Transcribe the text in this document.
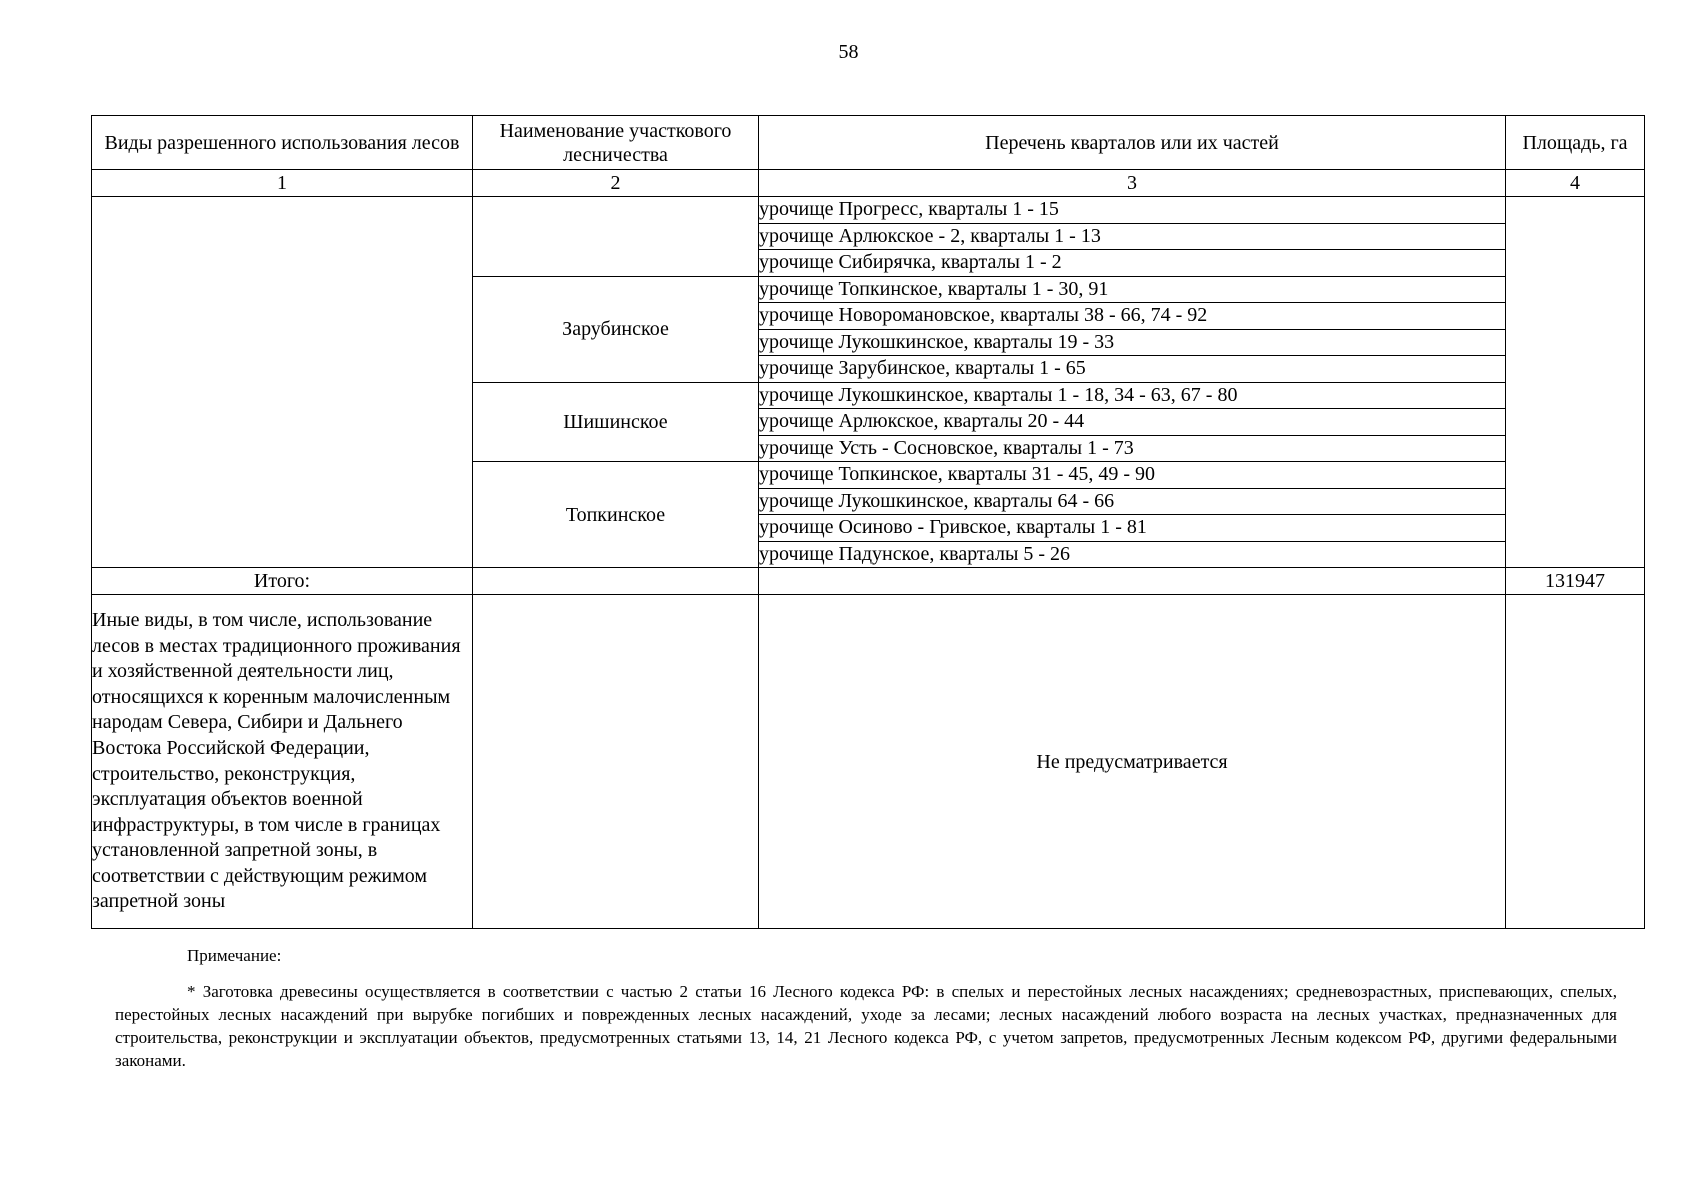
58
Виды разрешенного использования лесов	Наименование участкового лесничества	Перечень кварталов или их частей	Площадь, га
1	2	3	4
		урочище Прогресс, кварталы 1 - 15	
		урочище Арлюкское - 2, кварталы 1 - 13	
		урочище Сибирячка, кварталы 1 - 2	
	Зарубинское	урочище Топкинское, кварталы 1 - 30, 91	
		урочище Новоромановское, кварталы 38 - 66, 74 - 92	
		урочище Лукошкинское, кварталы 19 - 33	
		урочище Зарубинское, кварталы 1 - 65	
	Шишинское	урочище Лукошкинское, кварталы 1 - 18, 34 - 63, 67 - 80	
		урочище Арлюкское, кварталы 20 - 44	
		урочище Усть - Сосновское, кварталы 1 - 73	
	Топкинское	урочище Топкинское, кварталы 31 - 45, 49 - 90	
		урочище Лукошкинское, кварталы 64 - 66	
		урочище Осиново - Гривское, кварталы 1 - 81	
		урочище Падунское, кварталы 5 - 26	
Итого:			131947
Иные виды, в том числе, использование лесов в местах традиционного проживания и хозяйственной деятельности лиц, относящихся к коренным малочисленным народам Севера, Сибири и Дальнего Востока Российской Федерации, строительство, реконструкция, эксплуатация объектов военной инфраструктуры, в том числе в границах установленной запретной зоны, в соответствии с действующим режимом запретной зоны		Не предусматривается	
Примечание:
* Заготовка древесины осуществляется в соответствии с частью 2 статьи 16 Лесного кодекса РФ: в спелых и перестойных лесных насаждениях; средневозрастных, приспевающих, спелых, перестойных лесных насаждений при вырубке погибших и поврежденных лесных насаждений, уходе за лесами; лесных насаждений любого возраста на лесных участках, предназначенных для строительства, реконструкции и эксплуатации объектов, предусмотренных статьями 13, 14, 21 Лесного кодекса РФ, с учетом запретов, предусмотренных Лесным кодексом РФ, другими федеральными законами.
